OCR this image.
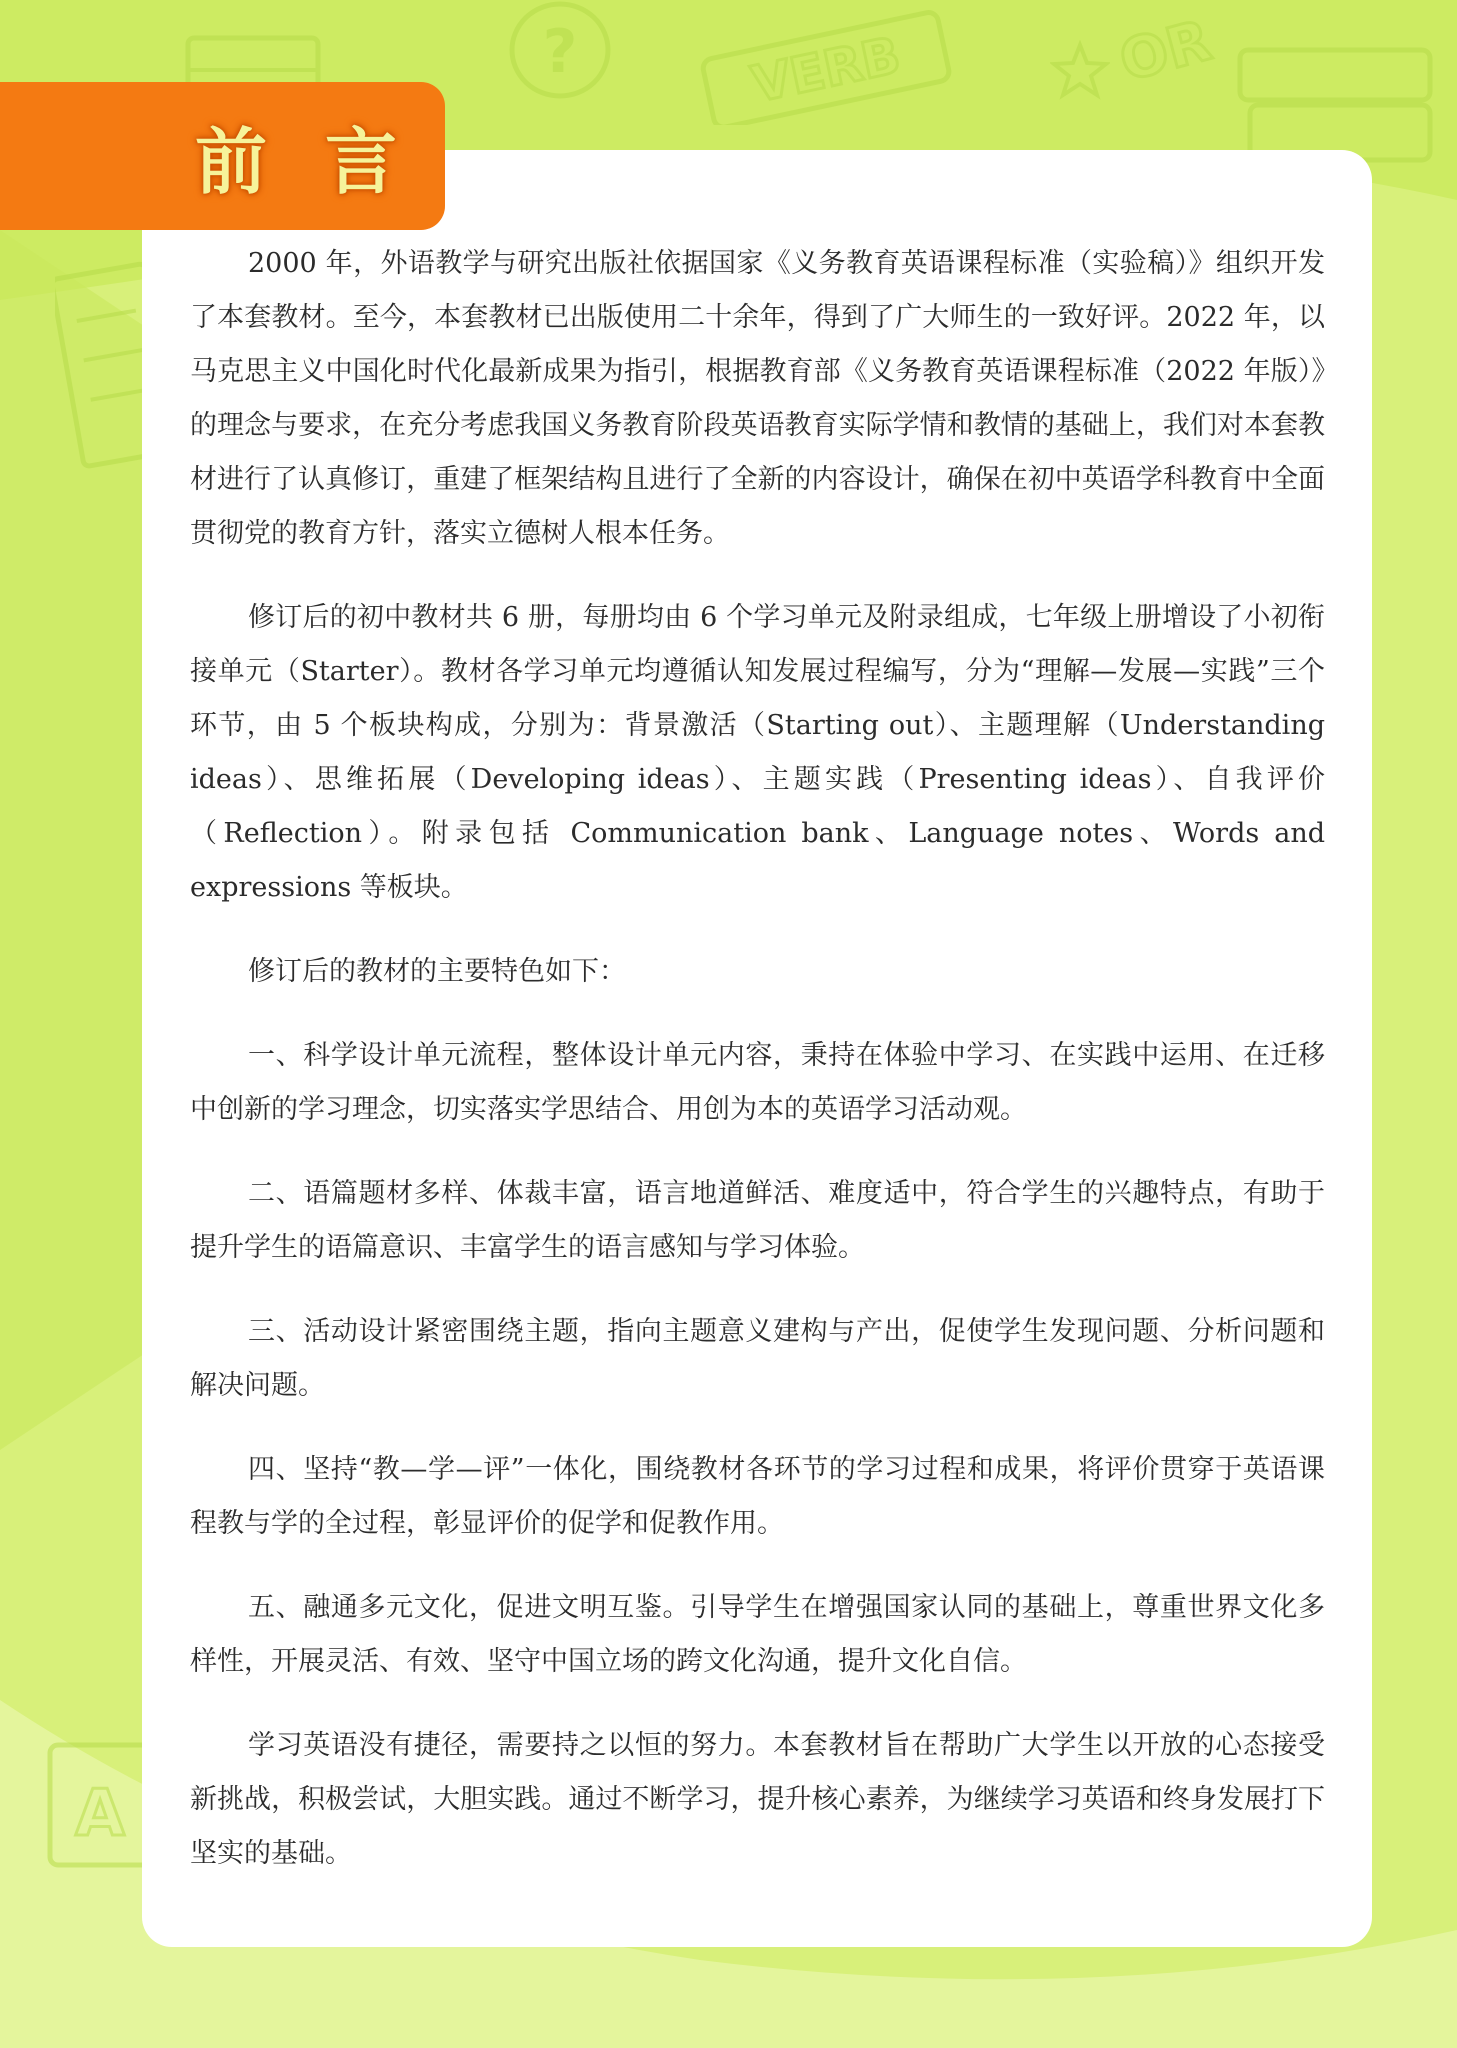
?	VERB	OR
A
前言

2000 年，外语教学与研究出版社依据国家《义务教育英语课程标准（实验稿）》组织开发了本套教材。至今，本套教材已出版使用二十余年，得到了广大师生的一致好评。2022 年，以马克思主义中国化时代化最新成果为指引，根据教育部《义务教育英语课程标准（2022 年版）》的理念与要求，在充分考虑我国义务教育阶段英语教育实际学情和教情的基础上，我们对本套教材进行了认真修订，重建了框架结构且进行了全新的内容设计，确保在初中英语学科教育中全面贯彻党的教育方针，落实立德树人根本任务。

修订后的初中教材共 6 册，每册均由 6 个学习单元及附录组成，七年级上册增设了小初衔接单元（Starter）。教材各学习单元均遵循认知发展过程编写，分为“理解—发展—实践”三个环节，由 5 个板块构成，分别为：背景激活（Starting out）、主题理解（Understanding ideas）、思维拓展（Developing ideas）、主题实践（Presenting ideas）、自我评价（Reflection）。附录包括 Communication bank、Language notes、Words and expressions 等板块。

修订后的教材的主要特色如下：

一、科学设计单元流程，整体设计单元内容，秉持在体验中学习、在实践中运用、在迁移中创新的学习理念，切实落实学思结合、用创为本的英语学习活动观。

二、语篇题材多样、体裁丰富，语言地道鲜活、难度适中，符合学生的兴趣特点，有助于提升学生的语篇意识、丰富学生的语言感知与学习体验。

三、活动设计紧密围绕主题，指向主题意义建构与产出，促使学生发现问题、分析问题和解决问题。

四、坚持“教—学—评”一体化，围绕教材各环节的学习过程和成果，将评价贯穿于英语课程教与学的全过程，彰显评价的促学和促教作用。

五、融通多元文化，促进文明互鉴。引导学生在增强国家认同的基础上，尊重世界文化多样性，开展灵活、有效、坚守中国立场的跨文化沟通，提升文化自信。

学习英语没有捷径，需要持之以恒的努力。本套教材旨在帮助广大学生以开放的心态接受新挑战，积极尝试，大胆实践。通过不断学习，提升核心素养，为继续学习英语和终身发展打下坚实的基础。
